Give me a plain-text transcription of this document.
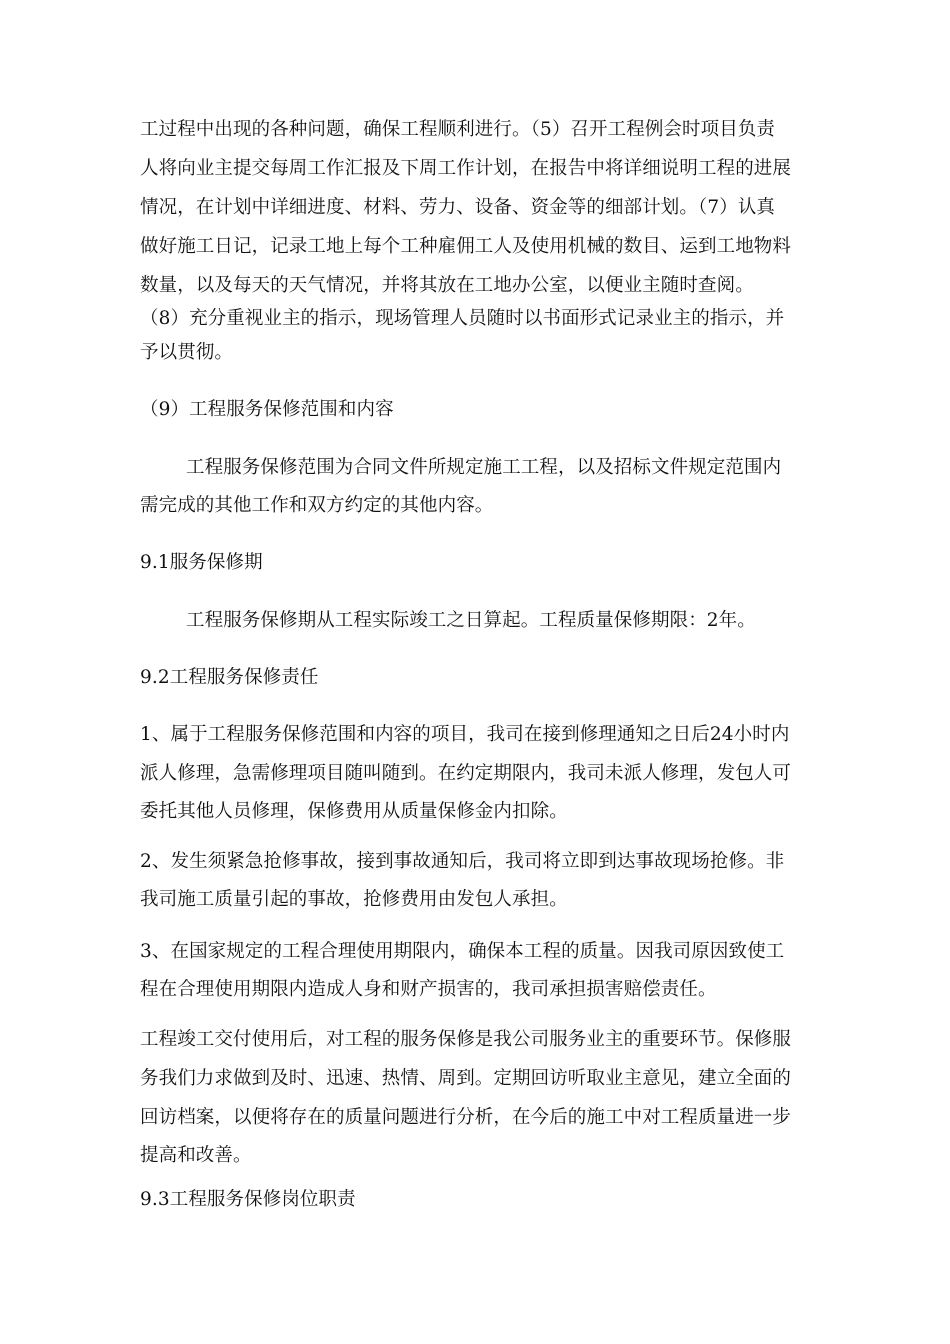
工过程中出现的各种问题，确保工程顺利进行。（5）召开工程例会时项目负责
人将向业主提交每周工作汇报及下周工作计划，在报告中将详细说明工程的进展
情况，在计划中详细进度、材料、劳力、设备、资金等的细部计划。（7）认真
做好施工日记，记录工地上每个工种雇佣工人及使用机械的数目、运到工地物料
数量，以及每天的天气情况，并将其放在工地办公室，以便业主随时查阅。
（8）充分重视业主的指示，现场管理人员随时以书面形式记录业主的指示，并
予以贯彻。
（9）工程服务保修范围和内容
工程服务保修范围为合同文件所规定施工工程，以及招标文件规定范围内
需完成的其他工作和双方约定的其他内容。
9.1服务保修期
工程服务保修期从工程实际竣工之日算起。工程质量保修期限：2年。
9.2工程服务保修责任
1、属于工程服务保修范围和内容的项目，我司在接到修理通知之日后24小时内
派人修理，急需修理项目随叫随到。在约定期限内，我司未派人修理，发包人可
委托其他人员修理，保修费用从质量保修金内扣除。
2、发生须紧急抢修事故，接到事故通知后，我司将立即到达事故现场抢修。非
我司施工质量引起的事故，抢修费用由发包人承担。
3、在国家规定的工程合理使用期限内，确保本工程的质量。因我司原因致使工
程在合理使用期限内造成人身和财产损害的，我司承担损害赔偿责任。
工程竣工交付使用后，对工程的服务保修是我公司服务业主的重要环节。保修服
务我们力求做到及时、迅速、热情、周到。定期回访听取业主意见，建立全面的
回访档案，以便将存在的质量问题进行分析，在今后的施工中对工程质量进一步
提高和改善。
9.3工程服务保修岗位职责
